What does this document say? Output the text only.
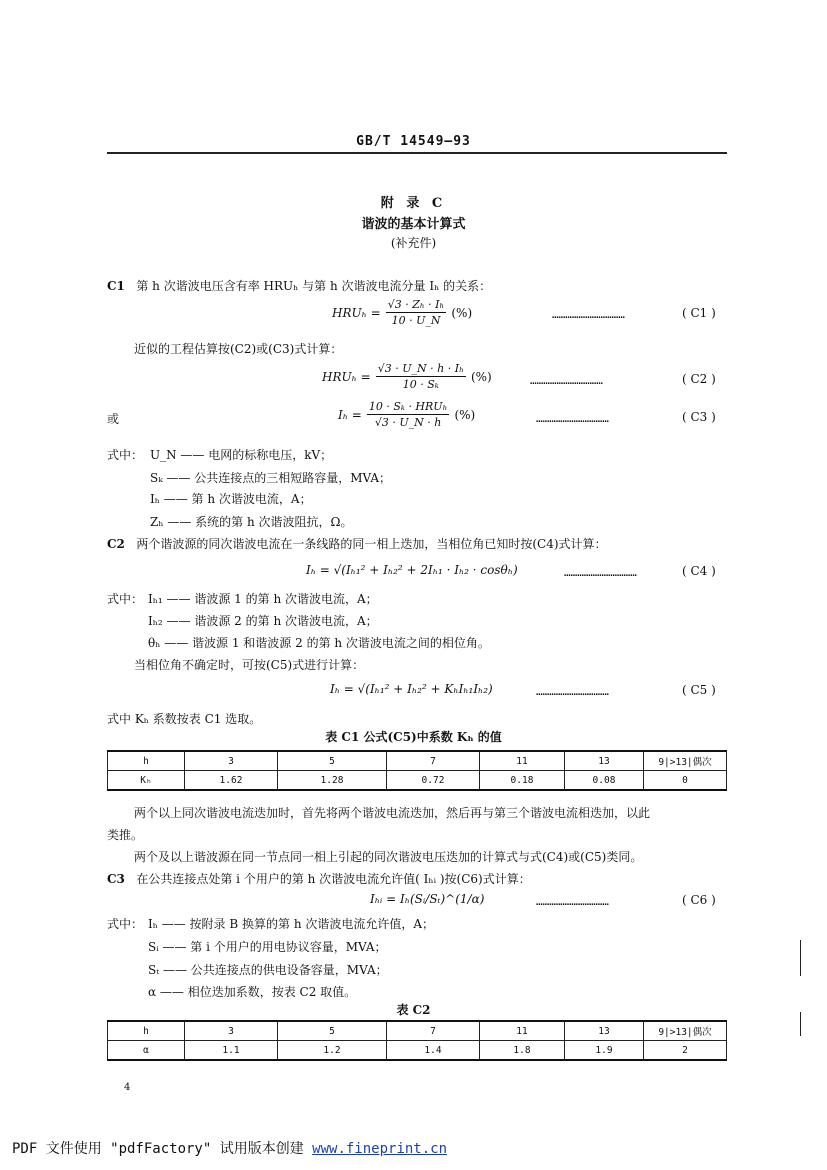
GB/T 14549—93
附 录 C
谐波的基本计算式
(补充件)
C1 第 h 次谐波电压含有率 HRUₕ 与第 h 次谐波电流分量 Iₕ 的关系：
$HRU_h = \frac{\text{√3 · Zₕ · Iₕ}}{10 \cdot U\_N}$ (%)	……………………………	( C1 )
近似的工程估算按(C2)或(C3)式计算：
$HRU_h = \frac{\text{√3 · U\_N · h · Iₕ}}{\text{10 · Sₖ}}$ (%)	……………………………	( C2 )
或	$I_h = \frac{\text{10 · Sₖ · HRUₕ}}{√3 \cdot U\_N \cdot h}$ (%)	……………………………	( C3 )
式中： U_N —— 电网的标称电压，kV；
Sₖ —— 公共连接点的三相短路容量，MVA；
Iₕ —— 第 h 次谐波电流，A；
Zₕ —— 系统的第 h 次谐波阻抗，Ω。
C2 两个谐波源的同次谐波电流在一条线路的同一相上迭加，当相位角已知时按(C4)式计算：
Iₕ = √(Iₕ₁² + Iₕ₂² + 2Iₕ₁ · Iₕ₂ · cosθₕ)	……………………………	( C4 )
式中： Iₕ₁ —— 谐波源 1 的第 h 次谐波电流，A；
Iₕ₂ —— 谐波源 2 的第 h 次谐波电流，A；
θₕ —— 谐波源 1 和谐波源 2 的第 h 次谐波电流之间的相位角。
当相位角不确定时，可按(C5)式进行计算：
Iₕ = √(Iₕ₁² + Iₕ₂² + KₕIₕ₁Iₕ₂)	……………………………	( C5 )
式中 Kₕ 系数按表 C1 选取。
表 C1 公式(C5)中系数 Kₕ 的值
h	3	5	7	11	13	9|>13|偶次
Kₕ	1.62	1.28	0.72	0.18	0.08	0
两个以上同次谐波电流迭加时，首先将两个谐波电流迭加，然后再与第三个谐波电流相迭加，以此
类推。
两个及以上谐波源在同一节点同一相上引起的同次谐波电压迭加的计算式与式(C4)或(C5)类同。
C3 在公共连接点处第 i 个用户的第 h 次谐波电流允许值( Iₕᵢ )按(C6)式计算：
Iₕᵢ = Iₕ(Sᵢ/Sₜ)^(1/α)	……………………………	( C6 )
式中： Iₕ —— 按附录 B 换算的第 h 次谐波电流允许值，A；
Sᵢ —— 第 i 个用户的用电协议容量，MVA；
Sₜ —— 公共连接点的供电设备容量，MVA；
α —— 相位迭加系数，按表 C2 取值。
表 C2
h	3	5	7	11	13	9|>13|偶次
α	1.1	1.2	1.4	1.8	1.9	2
4
PDF 文件使用 "pdfFactory" 试用版本创建 www.fineprint.cn
